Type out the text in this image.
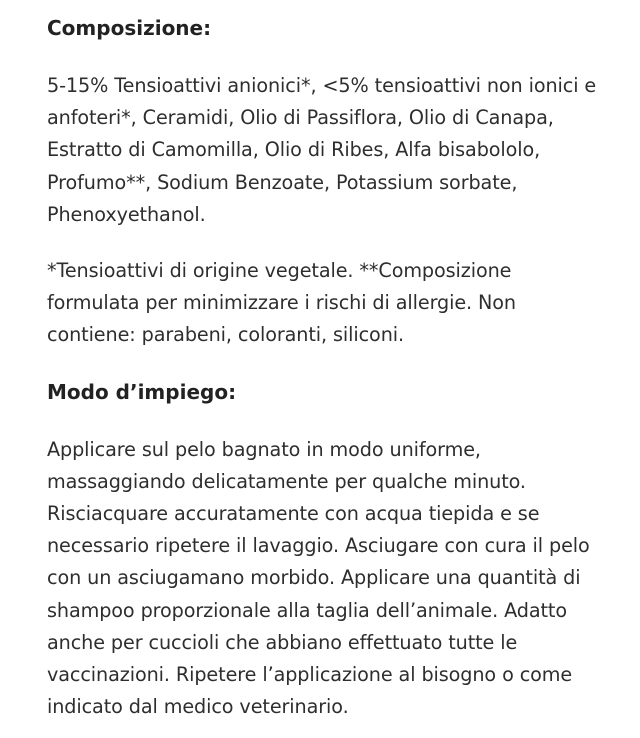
Composizione:

5-15% Tensioattivi anionici*, <5% tensioattivi non ionici e
anfoteri*, Ceramidi, Olio di Passiflora, Olio di Canapa,
Estratto di Camomilla, Olio di Ribes, Alfa bisabololo,
Profumo**, Sodium Benzoate, Potassium sorbate,
Phenoxyethanol.

*Tensioattivi di origine vegetale. **Composizione
formulata per minimizzare i rischi di allergie. Non
contiene: parabeni, coloranti, siliconi.

Modo d’impiego:

Applicare sul pelo bagnato in modo uniforme,
massaggiando delicatamente per qualche minuto.
Risciacquare accuratamente con acqua tiepida e se
necessario ripetere il lavaggio. Asciugare con cura il pelo
con un asciugamano morbido. Applicare una quantità di
shampoo proporzionale alla taglia dell’animale. Adatto
anche per cuccioli che abbiano effettuato tutte le
vaccinazioni. Ripetere l’applicazione al bisogno o come
indicato dal medico veterinario.
